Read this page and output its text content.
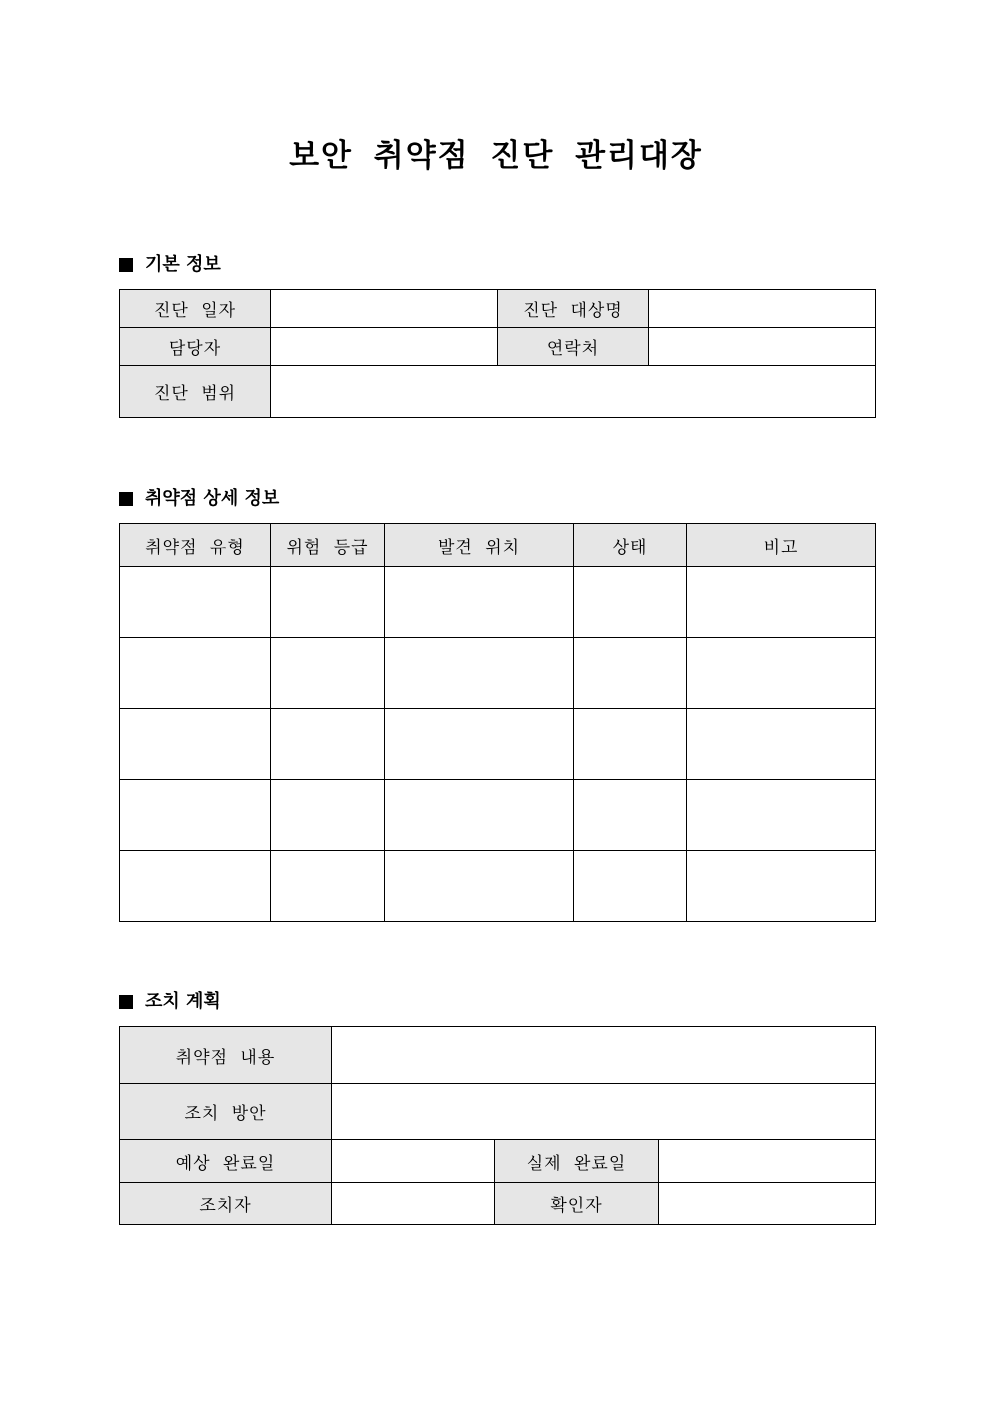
보안 취약점 진단 관리대장
기본 정보
진단 일자		진단 대상명	
담당자		연락처	
진단 범위			
취약점 상세 정보
취약점 유형	위험 등급	발견 위치	상태	비고

조치 계획
취약점 내용			
조치 방안			
예상 완료일		실제 완료일	
조치자		확인자	
